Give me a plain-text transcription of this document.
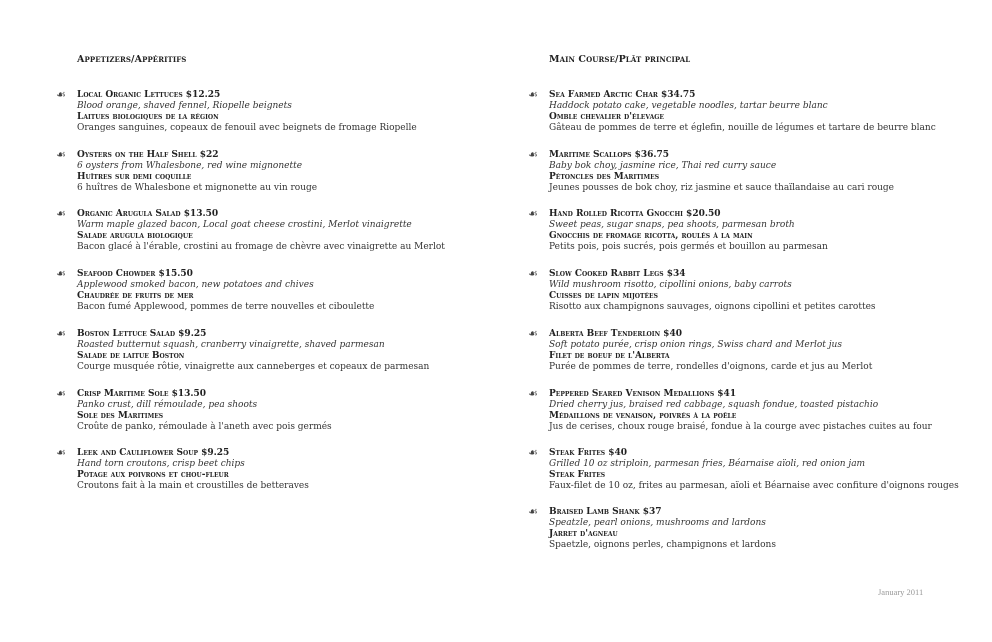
Appetizers/Appéritifs
☙ Local Organic Lettuces $12.25
Blood orange, shaved fennel, Riopelle beignets
Laitues biologiques de la région
Oranges sanguines, copeaux de fenouil avec beignets de fromage Riopelle
☙ Oysters on the Half Shell $22
6 oysters from Whalesbone, red wine mignonette
Huîtres sur demi coquille
6 huîtres de Whalesbone et mignonette au vin rouge
☙ Organic Arugula Salad $13.50
Warm maple glazed bacon, Local goat cheese crostini, Merlot vinaigrette
Salade arugula biologique
Bacon glacé à l'érable, crostini au fromage de chèvre avec vinaigrette au Merlot
☙ Seafood Chowder $15.50
Applewood smoked bacon, new potatoes and chives
Chaudrée de fruits de mer
Bacon fumé Applewood, pommes de terre nouvelles et ciboulette
☙ Boston Lettuce Salad $9.25
Roasted butternut squash, cranberry vinaigrette, shaved parmesan
Salade de laitue Boston
Courge musquée rôtie, vinaigrette aux canneberges et copeaux de parmesan
☙ Crisp Maritime Sole $13.50
Panko crust, dill rémoulade, pea shoots
Sole des Maritimes
Croûte de panko, rémoulade à l'aneth avec pois germés
☙ Leek and Cauliflower Soup $9.25
Hand torn croutons, crisp beet chips
Potage aux poivrons et chou-fleur
Croutons fait à la main et croustilles de betteraves
Main Course/Plât principal
☙ Sea Farmed Arctic Char $34.75
Haddock potato cake, vegetable noodles, tartar beurre blanc
Omble chevalier d'élevage
Gâteau de pommes de terre et églefin, nouille de légumes et tartare de beurre blanc
☙ Maritime Scallops $36.75
Baby bok choy, jasmine rice, Thai red curry sauce
Pétoncles des Maritimes
Jeunes pousses de bok choy, riz jasmine et sauce thaïlandaise au cari rouge
☙ Hand Rolled Ricotta Gnocchi $20.50
Sweet peas, sugar snaps, pea shoots, parmesan broth
Gnocchis de fromage ricotta, roulés à la main
Petits pois, pois sucrés, pois germés et bouillon au parmesan
☙ Slow Cooked Rabbit Legs $34
Wild mushroom risotto, cipollini onions, baby carrots
Cuisses de lapin mijotées
Risotto aux champignons sauvages, oignons cipollini et petites carottes
☙ Alberta Beef Tenderloin $40
Soft potato purée, crisp onion rings, Swiss chard and Merlot jus
Filet de boeuf de l'Alberta
Purée de pommes de terre, rondelles d'oignons, carde et jus au Merlot
☙ Peppered Seared Venison Medallions $41
Dried cherry jus, braised red cabbage, squash fondue, toasted pistachio
Médaillons de venaison, poivrés à la poêle
Jus de cerises, choux rouge braisé, fondue à la courge avec pistaches cuites au four
☙ Steak Frites $40
Grilled 10 oz striploin, parmesan fries, Béarnaise aïoli, red onion jam
Steak Frites
Faux-filet de 10 oz, frites au parmesan, aïoli et Béarnaise avec confiture d'oignons rouges
☙ Braised Lamb Shank $37
Speatzle, pearl onions, mushrooms and lardons
Jarret d'agneau
Spaetzle, oignons perles, champignons et lardons
January 2011
